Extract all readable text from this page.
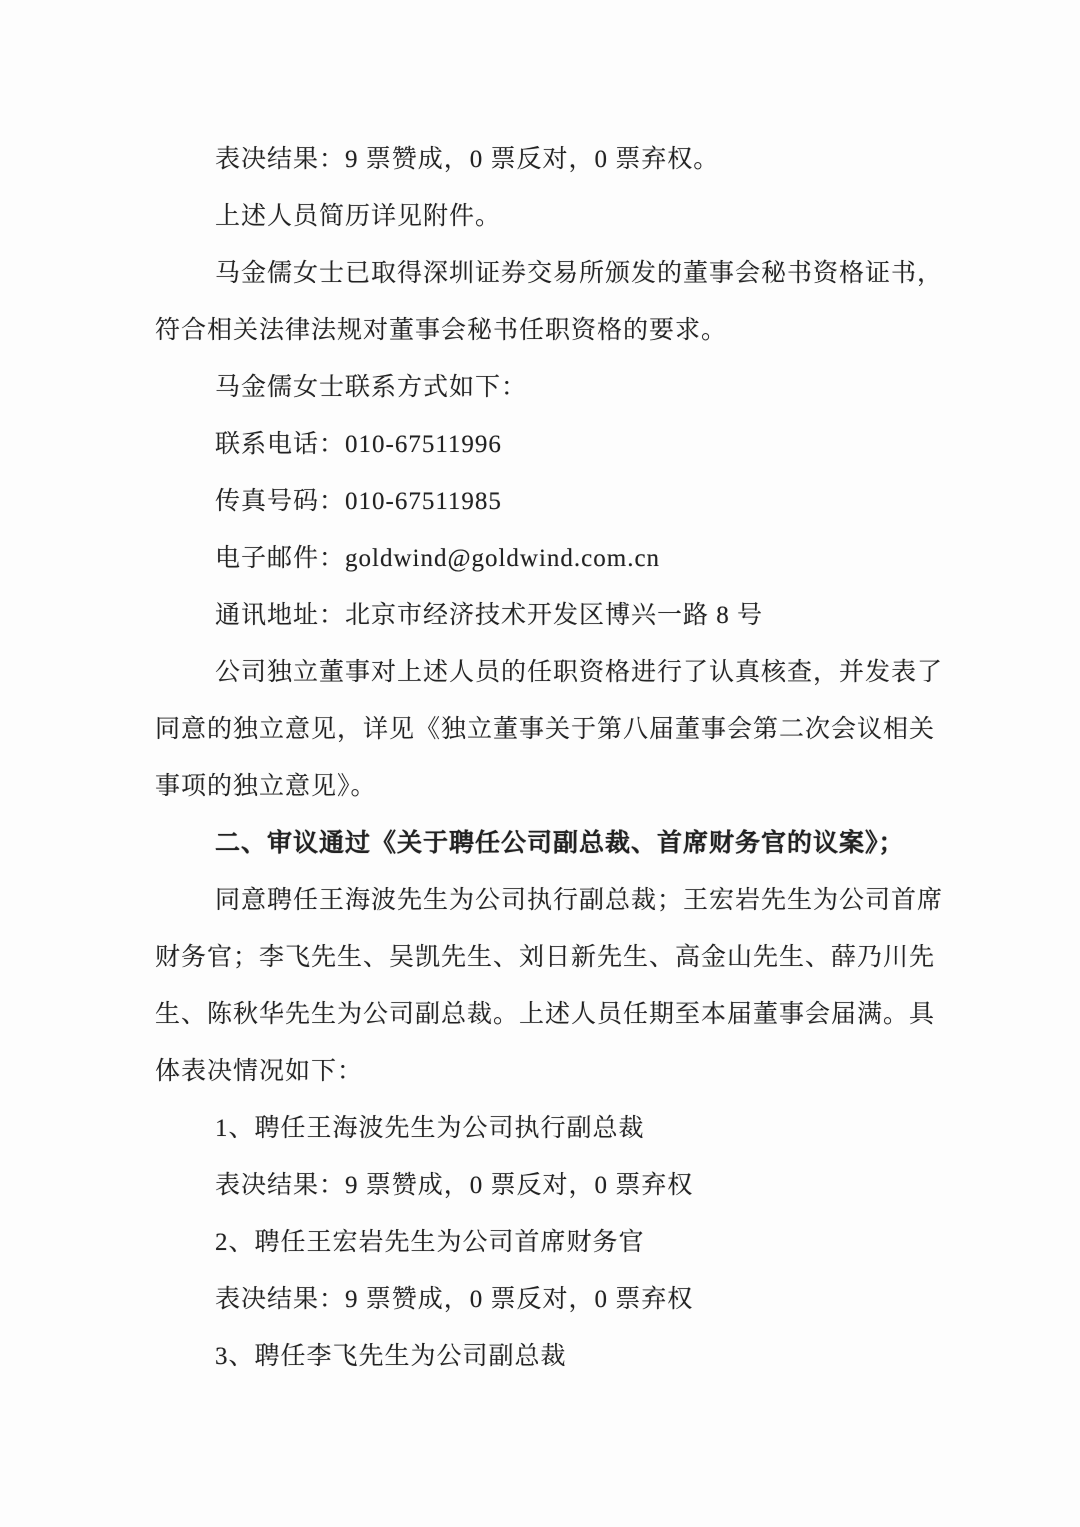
表决结果：9 票赞成，0 票反对，0 票弃权。

上述人员简历详见附件。

马金儒女士已取得深圳证券交易所颁发的董事会秘书资格证书，

符合相关法律法规对董事会秘书任职资格的要求。

马金儒女士联系方式如下：

联系电话：010-67511996

传真号码：010-67511985

电子邮件：goldwind@goldwind.com.cn

通讯地址：北京市经济技术开发区博兴一路 8 号

公司独立董事对上述人员的任职资格进行了认真核查，并发表了

同意的独立意见，详见《独立董事关于第八届董事会第二次会议相关

事项的独立意见》。

二、审议通过《关于聘任公司副总裁、首席财务官的议案》；

同意聘任王海波先生为公司执行副总裁；王宏岩先生为公司首席

财务官；李飞先生、吴凯先生、刘日新先生、高金山先生、薛乃川先

生、陈秋华先生为公司副总裁。上述人员任期至本届董事会届满。具

体表决情况如下：

1、聘任王海波先生为公司执行副总裁

表决结果：9 票赞成，0 票反对，0 票弃权

2、聘任王宏岩先生为公司首席财务官

表决结果：9 票赞成，0 票反对，0 票弃权

3、聘任李飞先生为公司副总裁
